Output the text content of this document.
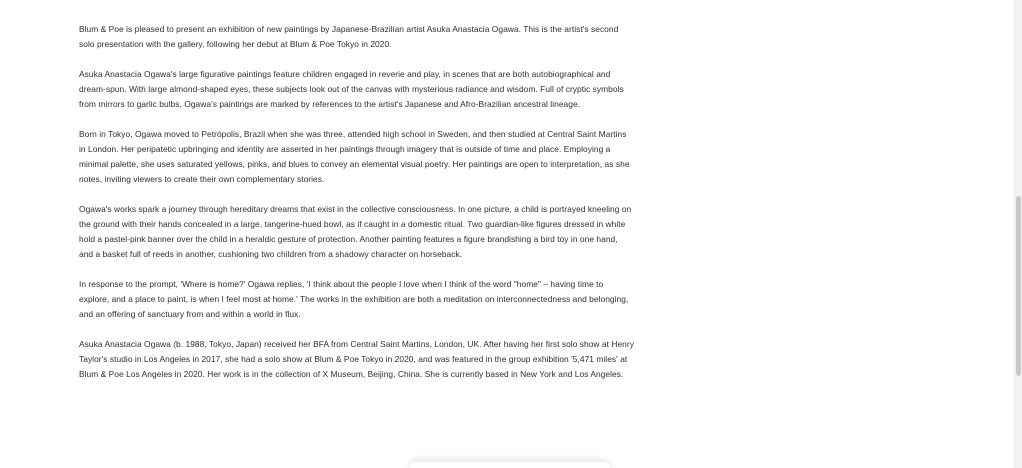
Blum & Poe is pleased to present an exhibition of new paintings by Japanese-Brazilian artist Asuka Anastacia Ogawa. This is the artist's second solo presentation with the gallery, following her debut at Blum & Poe Tokyo in 2020.

Asuka Anastacia Ogawa's large figurative paintings feature children engaged in reverie and play, in scenes that are both autobiographical and dream-spun. With large almond-shaped eyes, these subjects look out of the canvas with mysterious radiance and wisdom. Full of cryptic symbols from mirrors to garlic bulbs, Ogawa's paintings are marked by references to the artist's Japanese and Afro-Brazilian ancestral lineage.

Born in Tokyo, Ogawa moved to Petrópolis, Brazil when she was three, attended high school in Sweden, and then studied at Central Saint Martins in London. Her peripatetic upbringing and identity are asserted in her paintings through imagery that is outside of time and place. Employing a minimal palette, she uses saturated yellows, pinks, and blues to convey an elemental visual poetry. Her paintings are open to interpretation, as she notes, inviting viewers to create their own complementary stories.

Ogawa's works spark a journey through hereditary dreams that exist in the collective consciousness. In one picture, a child is portrayed kneeling on the ground with their hands concealed in a large, tangerine-hued bowl, as if caught in a domestic ritual. Two guardian-like figures dressed in white hold a pastel-pink banner over the child in a heraldic gesture of protection. Another painting features a figure brandishing a bird toy in one hand, and a basket full of reeds in another, cushioning two children from a shadowy character on horseback.

In response to the prompt, 'Where is home?' Ogawa replies, 'I think about the people I love when I think of the word "home" – having time to explore, and a place to paint, is when I feel most at home.' The works in the exhibition are both a meditation on interconnectedness and belonging, and an offering of sanctuary from and within a world in flux.

Asuka Anastacia Ogawa (b. 1988, Tokyo, Japan) received her BFA from Central Saint Martins, London, UK. After having her first solo show at Henry Taylor's studio in Los Angeles in 2017, she had a solo show at Blum & Poe Tokyo in 2020, and was featured in the group exhibition '5,471 miles' at Blum & Poe Los Angeles in 2020. Her work is in the collection of X Museum, Beijing, China. She is currently based in New York and Los Angeles.
